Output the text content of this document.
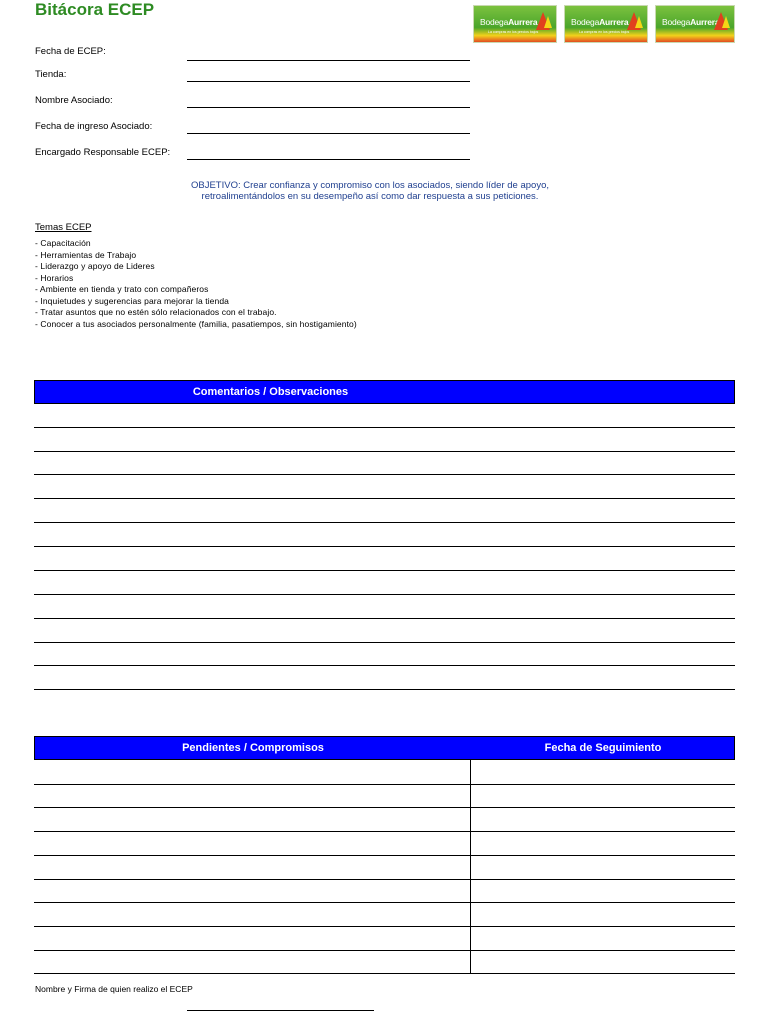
Bitácora ECEP
BodegaAurrera
La compras en los precios bajos
BodegaAurrera
La compras en los precios bajos
BodegaAurrera
Fecha de ECEP:
Tienda:
Nombre Asociado:
Fecha de ingreso Asociado:
Encargado Responsable ECEP:
OBJETIVO: Crear confianza y compromiso con los asociados, siendo líder de apoyo,
retroalimentándolos en su desempeño así como dar respuesta a sus peticiones.
Temas ECEP
- Capacitación
- Herramientas de Trabajo
- Liderazgo y apoyo de Lideres
- Horarios
- Ambiente en tienda y trato con compañeros
- Inquietudes y sugerencias para mejorar la tienda
- Tratar asuntos que no estén sólo relacionados con el trabajo.
- Conocer a tus asociados personalmente (familia, pasatiempos, sin hostigamiento)
Comentarios / Observaciones
Pendientes / Compromisos	Fecha de Seguimiento
Nombre y Firma de quien realizo el ECEP
